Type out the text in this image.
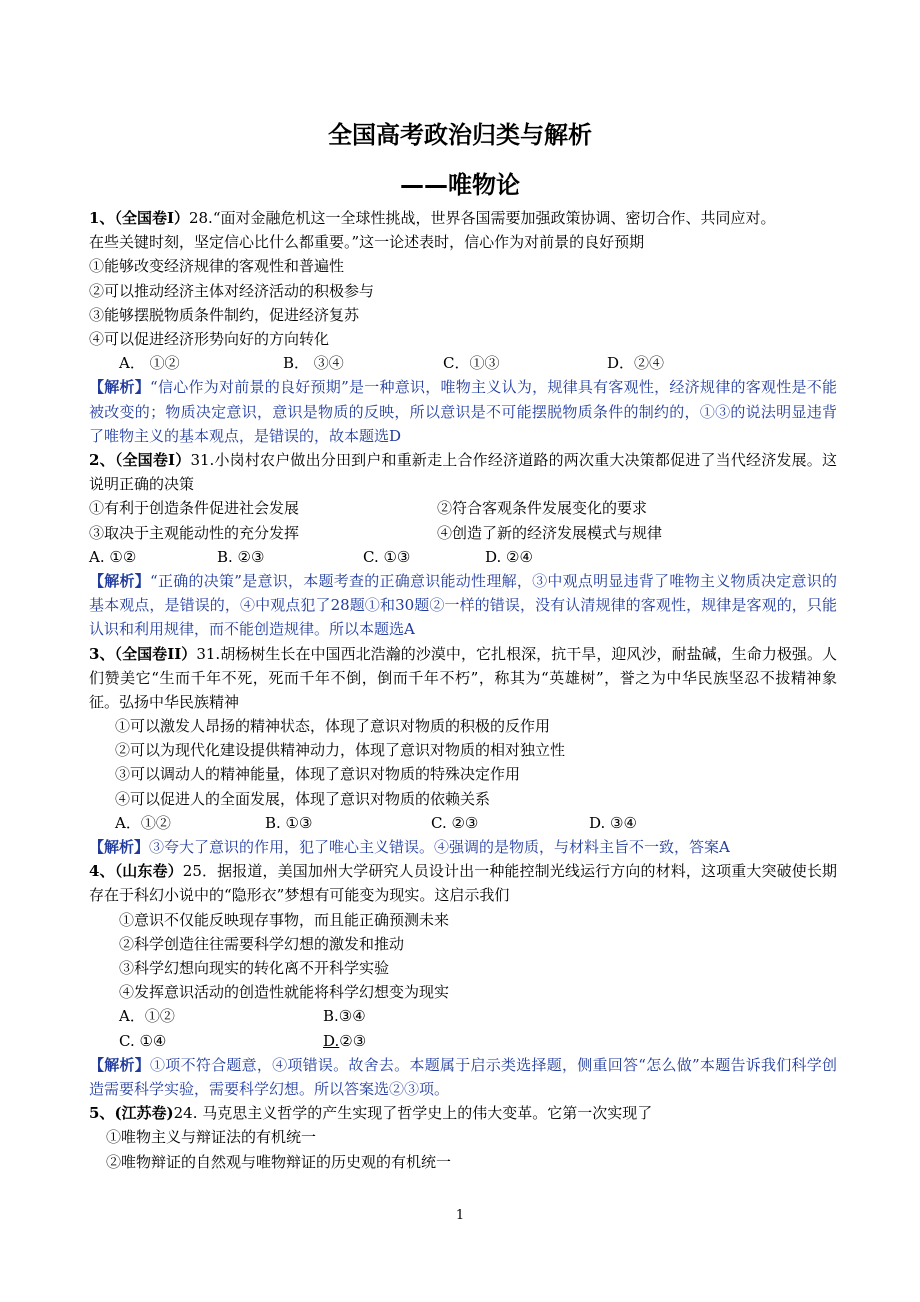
全国高考政治归类与解析
——唯物论
1、（全国卷Ⅰ）28.“面对金融危机这一全球性挑战，世界各国需要加强政策协调、密切合作、共同应对。
在些关键时刻，坚定信心比什么都重要。”这一论述表时，信心作为对前景的良好预期
①能够改变经济规律的客观性和普遍性
②可以推动经济主体对经济活动的积极参与
③能够摆脱物质条件制约，促进经济复苏
④可以促进经济形势向好的方向转化
A． ①②	B． ③④	C．①③	D．②④
【解析】“信心作为对前景的良好预期”是一种意识，唯物主义认为，规律具有客观性，经济规律的客观性是不能被改变的；物质决定意识，意识是物质的反映，所以意识是不可能摆脱物质条件的制约的，①③的说法明显违背了唯物主义的基本观点，是错误的，故本题选D
2、（全国卷Ⅰ）31.小岗村农户做出分田到户和重新走上合作经济道路的两次重大决策都促进了当代经济发展。这说明正确的决策
①有利于创造条件促进社会发展	②符合客观条件发展变化的要求
③取决于主观能动性的充分发挥	④创造了新的经济发展模式与规律
A. ①②	B. ②③	C. ①③	D. ②④
【解析】“正确的决策”是意识，本题考查的正确意识能动性理解，③中观点明显违背了唯物主义物质决定意识的基本观点，是错误的，④中观点犯了28题①和30题②一样的错误，没有认清规律的客观性，规律是客观的，只能认识和利用规律，而不能创造规律。所以本题选A
3、（全国卷II）31.胡杨树生长在中国西北浩瀚的沙漠中，它扎根深，抗干旱，迎风沙，耐盐碱，生命力极强。人们赞美它“生而千年不死，死而千年不倒，倒而千年不朽”，称其为“英雄树”，誉之为中华民族坚忍不拔精神象征。弘扬中华民族精神
①可以激发人昂扬的精神状态，体现了意识对物质的积极的反作用
②可以为现代化建设提供精神动力，体现了意识对物质的相对独立性
③可以调动人的精神能量，体现了意识对物质的特殊决定作用
④可以促进人的全面发展，体现了意识对物质的依赖关系
A．①②	B. ①③	C. ②③	D. ③④
【解析】③夸大了意识的作用，犯了唯心主义错误。④强调的是物质，与材料主旨不一致，答案A
4、（山东卷）25．据报道，美国加州大学研究人员设计出一种能控制光线运行方向的材料，这项重大突破使长期存在于科幻小说中的“隐形衣”梦想有可能变为现实。这启示我们
①意识不仅能反映现存事物，而且能正确预测未来
②科学创造往往需要科学幻想的激发和推动
③科学幻想向现实的转化离不开科学实验
④发挥意识活动的创造性就能将科学幻想变为现实
A．①②	B.③④
C. ①④	D.②③
【解析】①项不符合题意，④项错误。故舍去。本题属于启示类选择题，侧重回答“怎么做”本题告诉我们科学创造需要科学实验，需要科学幻想。所以答案选②③项。
5、(江苏卷)24. 马克思主义哲学的产生实现了哲学史上的伟大变革。它第一次实现了
①唯物主义与辩证法的有机统一
②唯物辩证的自然观与唯物辩证的历史观的有机统一
1
